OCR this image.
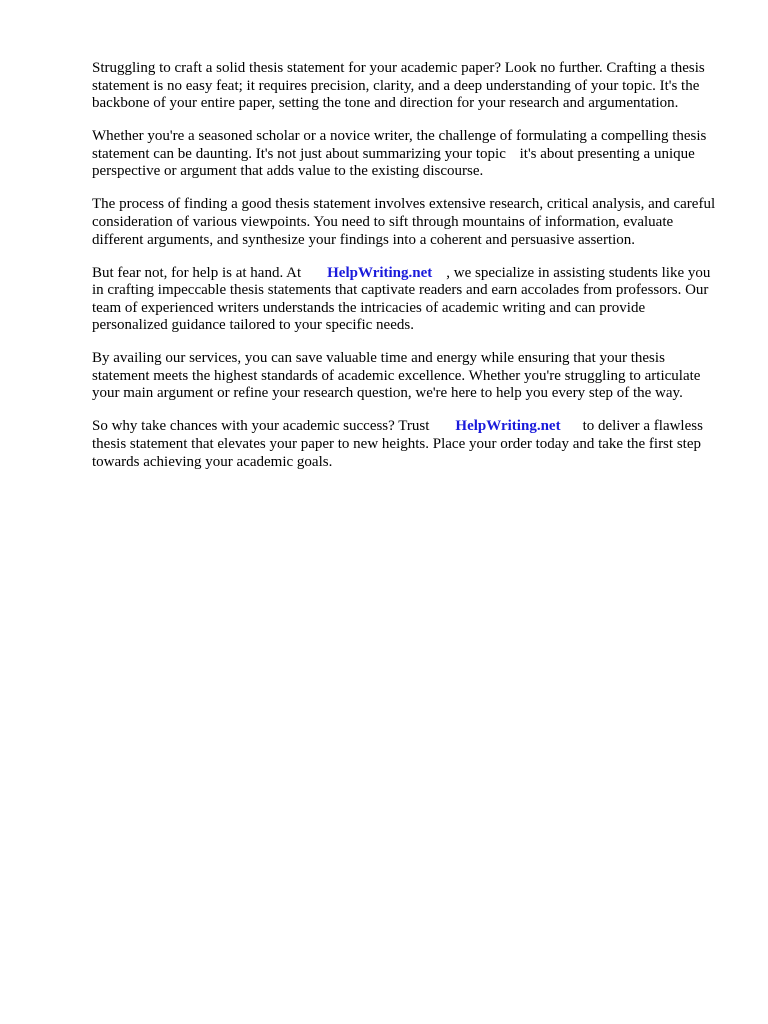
Struggling to craft a solid thesis statement for your academic paper? Look no further. Crafting a thesis statement is no easy feat; it requires precision, clarity, and a deep understanding of your topic. It's the backbone of your entire paper, setting the tone and direction for your research and argumentation.

Whether you're a seasoned scholar or a novice writer, the challenge of formulating a compelling thesis statement can be daunting. It's not just about summarizing your topic it's about presenting a unique perspective or argument that adds value to the existing discourse.

The process of finding a good thesis statement involves extensive research, critical analysis, and careful consideration of various viewpoints. You need to sift through mountains of information, evaluate different arguments, and synthesize your findings into a coherent and persuasive assertion.

But fear not, for help is at hand. At HelpWriting.net , we specialize in assisting students like you in crafting impeccable thesis statements that captivate readers and earn accolades from professors. Our team of experienced writers understands the intricacies of academic writing and can provide personalized guidance tailored to your specific needs.

By availing our services, you can save valuable time and energy while ensuring that your thesis statement meets the highest standards of academic excellence. Whether you're struggling to articulate your main argument or refine your research question, we're here to help you every step of the way.

So why take chances with your academic success? Trust HelpWriting.net to deliver a flawless thesis statement that elevates your paper to new heights. Place your order today and take the first step towards achieving your academic goals.
